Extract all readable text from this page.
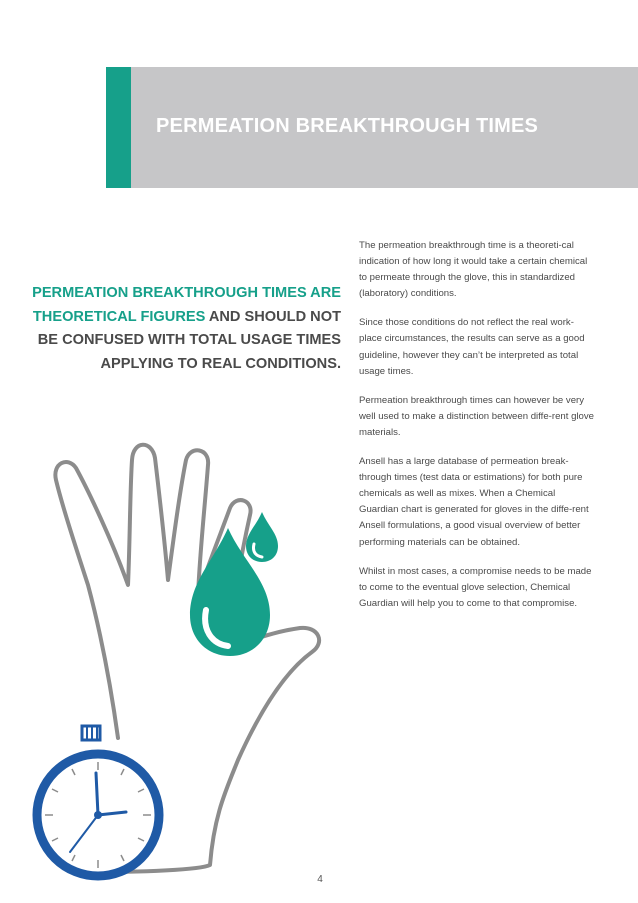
PERMEATION BREAKTHROUGH TIMES
PERMEATION BREAKTHROUGH TIMES ARE THEORETICAL FIGURES AND SHOULD NOT BE CONFUSED WITH TOTAL USAGE TIMES APPLYING TO REAL CONDITIONS.

The permeation breakthrough time is a theoreti-cal indication of how long it would take a certain chemical to permeate through the glove, this in standardized (laboratory) conditions.

Since those conditions do not reflect the real work-place circumstances, the results can serve as a good guideline, however they can’t be interpreted as total usage times.

Permeation breakthrough times can however be very well used to make a distinction between diffe-rent glove materials.

Ansell has a large database of permeation break-through times (test data or estimations) for both pure chemicals as well as mixes. When a Chemical Guardian chart is generated for gloves in the diffe-rent Ansell formulations, a good visual overview of better performing materials can be obtained.

Whilst in most cases, a compromise needs to be made to come to the eventual glove selection, Chemical Guardian will help you to come to that compromise.

4
